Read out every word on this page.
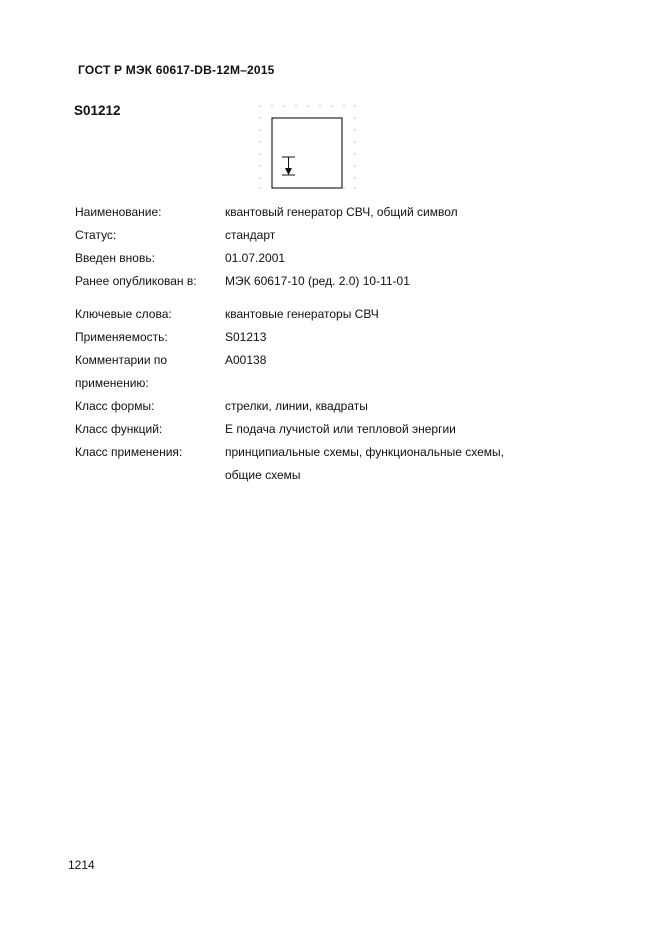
ГОСТ Р МЭК 60617-DB-12M–2015
S01212
Наименование:	квантовый генератор СВЧ, общий символ
Статус:	стандарт
Введен вновь:	01.07.2001
Ранее опубликован в: МЭК 60617-10 (ред. 2.0) 10-11-01
Ключевые слова:	квантовые генераторы СВЧ
Применяемость:	S01213
Комментарии по	A00138
применению:
Класс формы:	стрелки, линии, квадраты
Класс функций:	E подача лучистой или тепловой энергии
Класс применения:	принципиальные схемы, функциональные схемы,
общие схемы
1214
